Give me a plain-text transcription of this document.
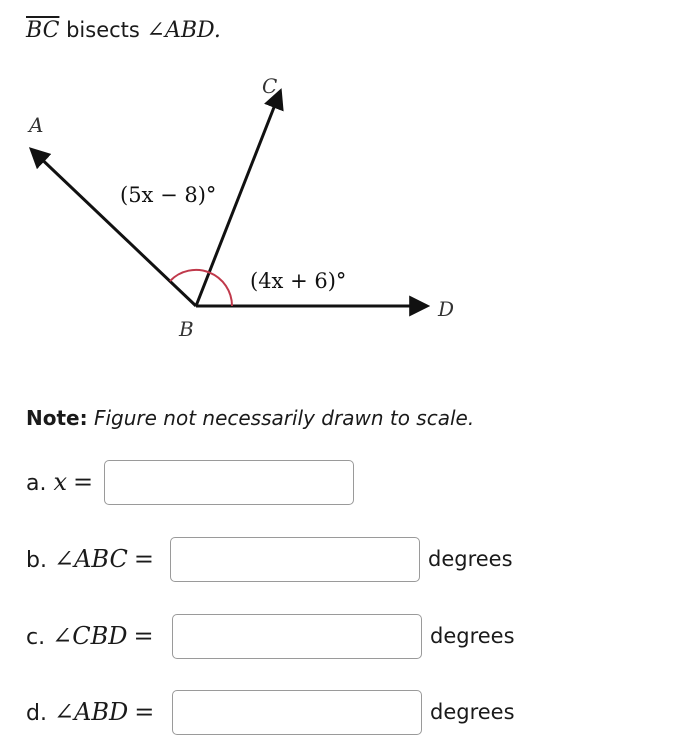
$\overline{BC}$ bisects ∠ABD.
A
B
C
D
(5x − 8)°
(4x + 6)°
Note: Figure not necessarily drawn to scale.
a. x =
b. ∠ABC =	degrees
c. ∠CBD =	degrees
d. ∠ABD =	degrees
